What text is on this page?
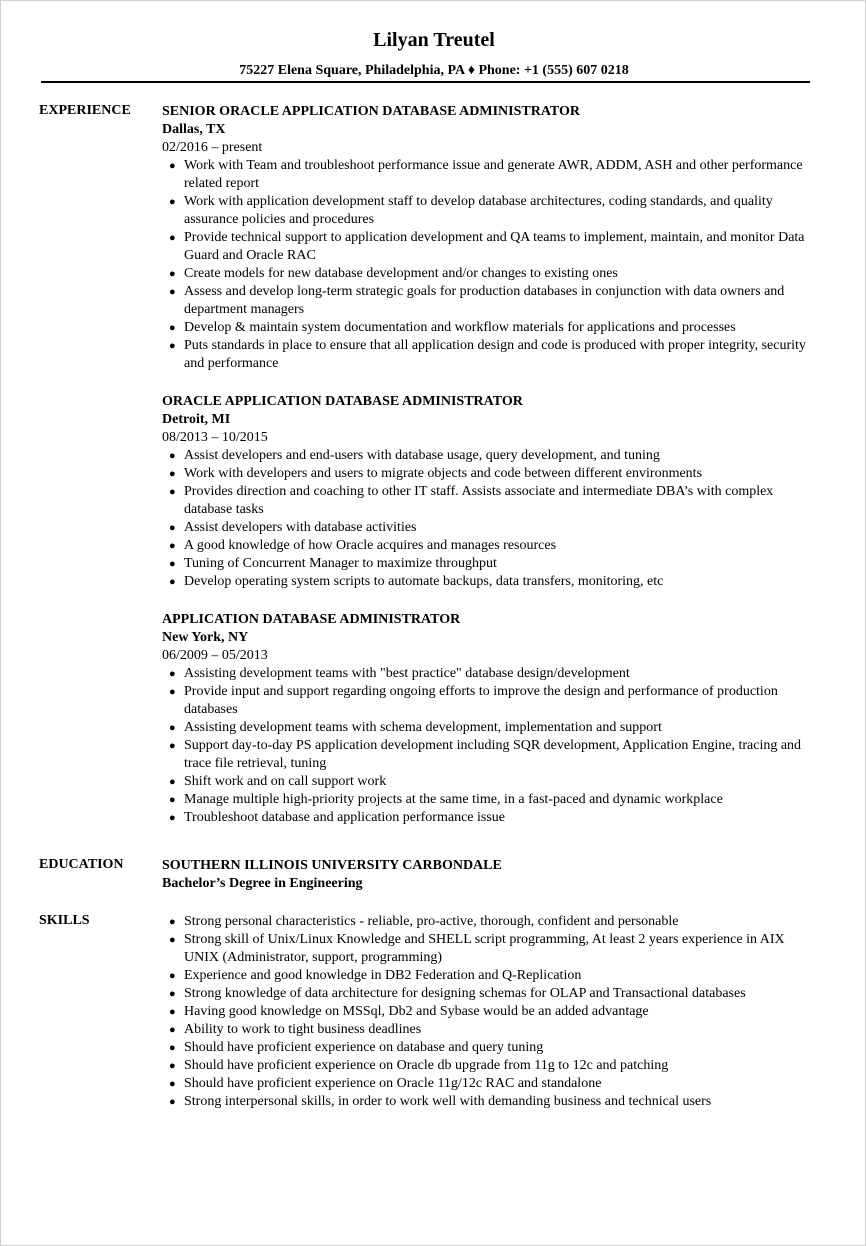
Lilyan Treutel
75227 Elena Square, Philadelphia, PA ♦ Phone: +1 (555) 607 0218
EXPERIENCE SENIOR ORACLE APPLICATION DATABASE ADMINISTRATOR
Dallas, TX
02/2016 – present
● Work with Team and troubleshoot performance issue and generate AWR, ADDM, ASH and other performance related report
● Work with application development staff to develop database architectures, coding standards, and quality assurance policies and procedures
● Provide technical support to application development and QA teams to implement, maintain, and monitor Data Guard and Oracle RAC
● Create models for new database development and/or changes to existing ones
● Assess and develop long-term strategic goals for production databases in conjunction with data owners and department managers
● Develop & maintain system documentation and workflow materials for applications and processes
● Puts standards in place to ensure that all application design and code is produced with proper integrity, security and performance
ORACLE APPLICATION DATABASE ADMINISTRATOR
Detroit, MI
08/2013 – 10/2015
● Assist developers and end-users with database usage, query development, and tuning
● Work with developers and users to migrate objects and code between different environments
● Provides direction and coaching to other IT staff. Assists associate and intermediate DBA’s with complex database tasks
● Assist developers with database activities
● A good knowledge of how Oracle acquires and manages resources
● Tuning of Concurrent Manager to maximize throughput
● Develop operating system scripts to automate backups, data transfers, monitoring, etc
APPLICATION DATABASE ADMINISTRATOR
New York, NY
06/2009 – 05/2013
● Assisting development teams with "best practice" database design/development
● Provide input and support regarding ongoing efforts to improve the design and performance of production databases
● Assisting development teams with schema development, implementation and support
● Support day-to-day PS application development including SQR development, Application Engine, tracing and trace file retrieval, tuning
● Shift work and on call support work
● Manage multiple high-priority projects at the same time, in a fast-paced and dynamic workplace
● Troubleshoot database and application performance issue
EDUCATION	SOUTHERN ILLINOIS UNIVERSITY CARBONDALE
Bachelor’s Degree in Engineering
SKILLS	● Strong personal characteristics - reliable, pro-active, thorough, confident and personable
● Strong skill of Unix/Linux Knowledge and SHELL script programming, At least 2 years experience in AIX UNIX (Administrator, support, programming)
● Experience and good knowledge in DB2 Federation and Q-Replication
● Strong knowledge of data architecture for designing schemas for OLAP and Transactional databases
● Having good knowledge on MSSql, Db2 and Sybase would be an added advantage
● Ability to work to tight business deadlines
● Should have proficient experience on database and query tuning
● Should have proficient experience on Oracle db upgrade from 11g to 12c and patching
● Should have proficient experience on Oracle 11g/12c RAC and standalone
● Strong interpersonal skills, in order to work well with demanding business and technical users
